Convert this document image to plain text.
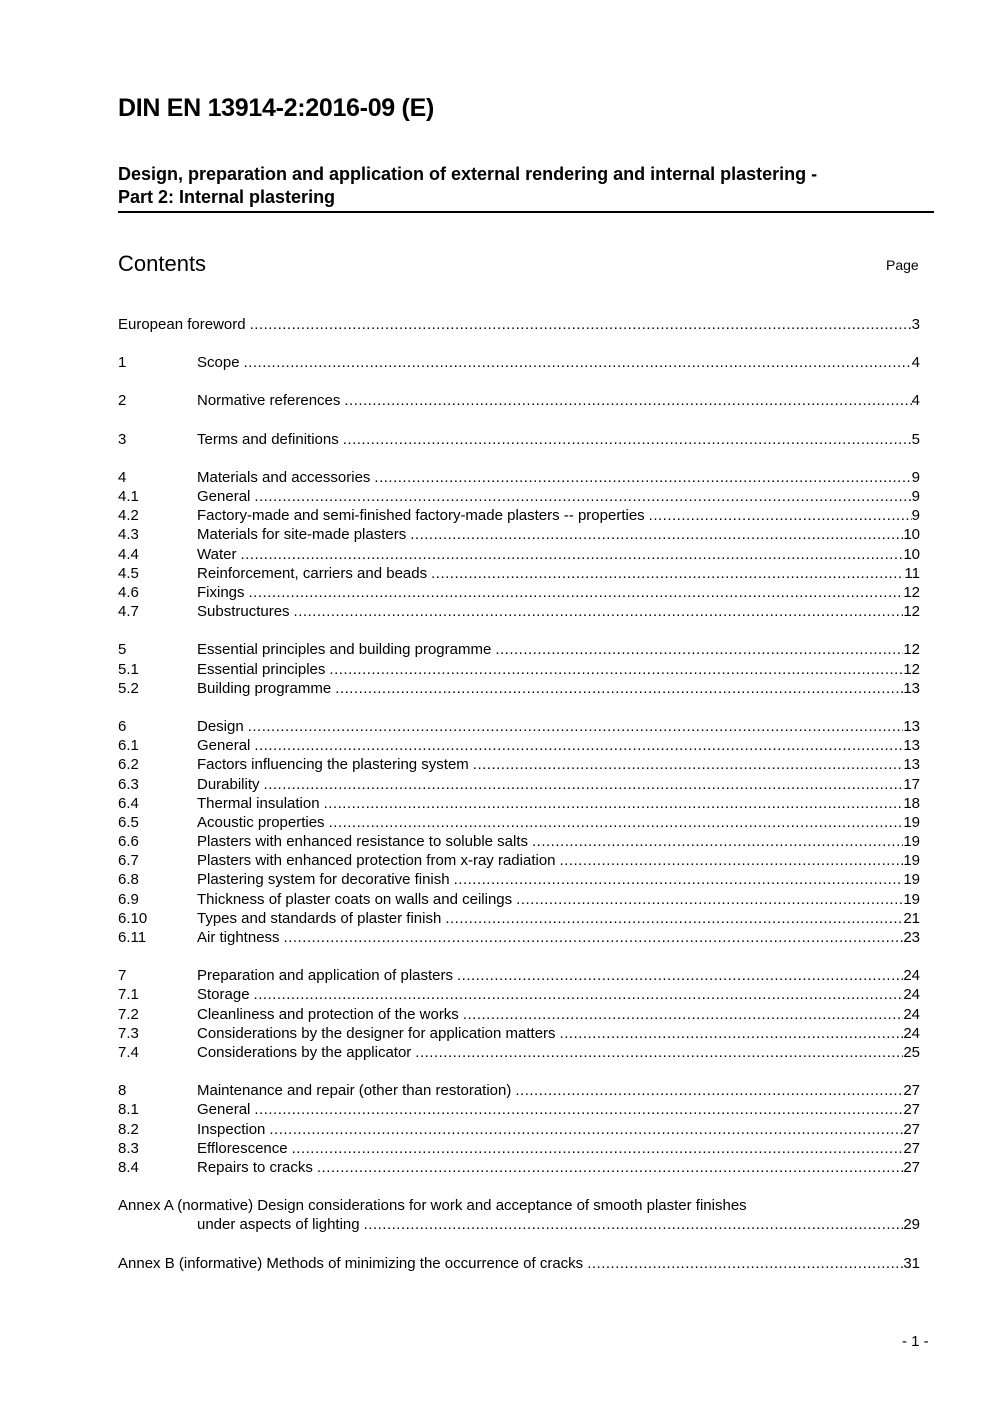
DIN EN 13914-2:2016-09 (E)
Design, preparation and application of external rendering and internal plastering -
Part 2: Internal plastering
Contents	Page
European foreword .....	3
1	Scope .....	4
2	Normative references .....	4
3	Terms and definitions .....	5
4	Materials and accessories .....	9
4.1	General .....	9
4.2	Factory-made and semi-finished factory-made plasters -- properties .....	9
4.3	Materials for site-made plasters .....	10
4.4	Water .....	10
4.5	Reinforcement, carriers and beads .....	11
4.6	Fixings .....	12
4.7	Substructures .....	12
5	Essential principles and building programme .....	12
5.1	Essential principles .....	12
5.2	Building programme .....	13
6	Design .....	13
6.1	General .....	13
6.2	Factors influencing the plastering system .....	13
6.3	Durability .....	17
6.4	Thermal insulation .....	18
6.5	Acoustic properties .....	19
6.6	Plasters with enhanced resistance to soluble salts .....	19
6.7	Plasters with enhanced protection from x-ray radiation .....	19
6.8	Plastering system for decorative finish .....	19
6.9	Thickness of plaster coats on walls and ceilings .....	19
6.10	Types and standards of plaster finish .....	21
6.11	Air tightness .....	23
7	Preparation and application of plasters .....	24
7.1	Storage .....	24
7.2	Cleanliness and protection of the works .....	24
7.3	Considerations by the designer for application matters .....	24
7.4	Considerations by the applicator .....	25
8	Maintenance and repair (other than restoration) .....	27
8.1	General .....	27
8.2	Inspection .....	27
8.3	Efflorescence .....	27
8.4	Repairs to cracks .....	27
Annex A (normative) Design considerations for work and acceptance of smooth plaster finishes
under aspects of lighting .....	29
Annex B (informative) Methods of minimizing the occurrence of cracks .....	31
- 1 -
